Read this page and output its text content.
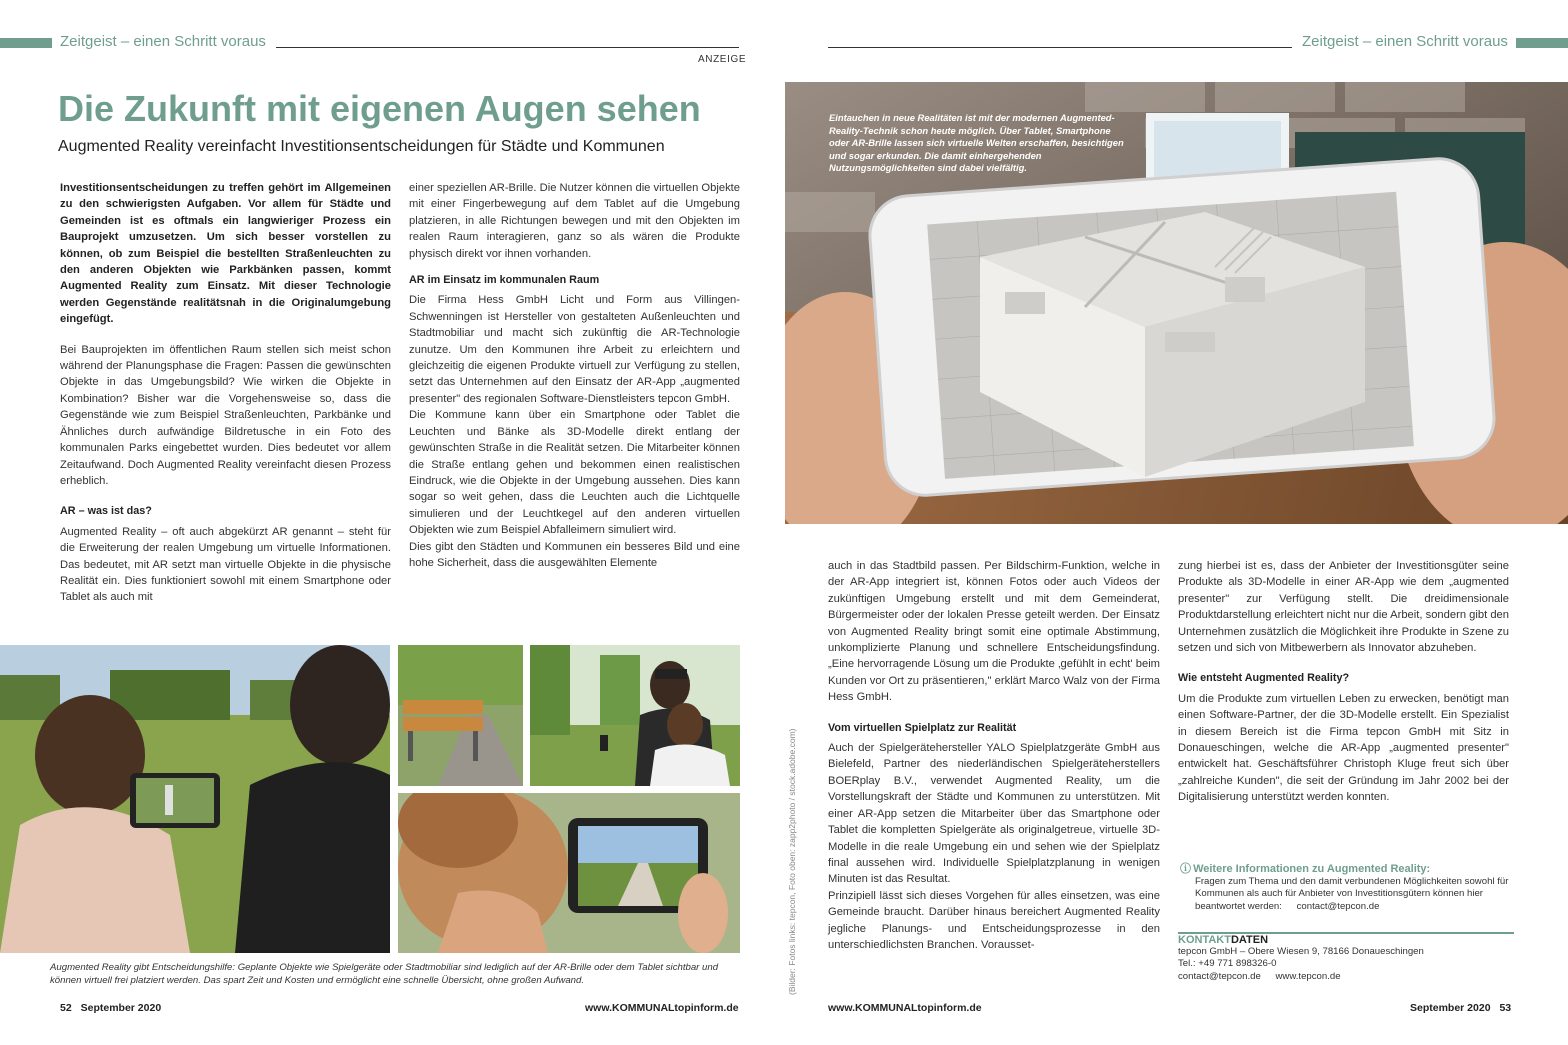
Zeitgeist – einen Schritt voraus
ANZEIGE
Zeitgeist – einen Schritt voraus
Die Zukunft mit eigenen Augen sehen
Augmented Reality vereinfacht Investitionsentscheidungen für Städte und Kommunen

Investitionsentscheidungen zu treffen gehört im Allgemeinen zu den schwierigsten Aufgaben. Vor allem für Städte und Gemeinden ist es oftmals ein langwieriger Prozess ein Bauprojekt umzusetzen. Um sich besser vorstellen zu können, ob zum Beispiel die bestellten Straßenleuchten zu den anderen Objekten wie Parkbänken passen, kommt Augmented Reality zum Einsatz. Mit dieser Technologie werden Gegenstände realitätsnah in die Originalumgebung eingefügt.

Bei Bauprojekten im öffentlichen Raum stellen sich meist schon während der Planungsphase die Fragen: Passen die gewünschten Objekte in das Umgebungsbild? Wie wirken die Objekte in Kombination? Bisher war die Vorgehensweise so, dass die Gegenstände wie zum Beispiel Straßenleuchten, Parkbänke und Ähnliches durch aufwändige Bildretusche in ein Foto des kommunalen Parks eingebettet wurden. Dies bedeutet vor allem Zeitaufwand. Doch Augmented Reality vereinfacht diesen Prozess erheblich.

AR – was ist das?

Augmented Reality – oft auch abgekürzt AR genannt – steht für die Erweiterung der realen Umgebung um virtuelle Informationen. Das bedeutet, mit AR setzt man virtuelle Objekte in die physische Realität ein. Dies funktioniert sowohl mit einem Smartphone oder Tablet als auch mit

einer speziellen AR-Brille. Die Nutzer können die virtuellen Objekte mit einer Fingerbewegung auf dem Tablet auf die Umgebung platzieren, in alle Richtungen bewegen und mit den Objekten im realen Raum interagieren, ganz so als wären die Produkte physisch direkt vor ihnen vorhanden.

AR im Einsatz im kommunalen Raum

Die Firma Hess GmbH Licht und Form aus Villingen-Schwenningen ist Hersteller von gestalteten Außenleuchten und Stadtmobiliar und macht sich zukünftig die AR-Technologie zunutze. Um den Kommunen ihre Arbeit zu erleichtern und gleichzeitig die eigenen Produkte virtuell zur Verfügung zu stellen, setzt das Unternehmen auf den Einsatz der AR-App „augmented presenter" des regionalen Software-Dienstleisters tepcon GmbH.

Die Kommune kann über ein Smartphone oder Tablet die Leuchten und Bänke als 3D-Modelle direkt entlang der gewünschten Straße in die Realität setzen. Die Mitarbeiter können die Straße entlang gehen und bekommen einen realistischen Eindruck, wie die Objekte in der Umgebung aussehen. Dies kann sogar so weit gehen, dass die Leuchten auch die Lichtquelle simulieren und der Leuchtkegel auf den anderen virtuellen Objekten wie zum Beispiel Abfalleimern simuliert wird.

Dies gibt den Städten und Kommunen ein besseres Bild und eine hohe Sicherheit, dass die ausgewählten Elemente

Eintauchen in neue Realitäten ist mit der modernen Augmented-Reality-Technik schon heute möglich. Über Tablet, Smartphone oder AR-Brille lassen sich virtuelle Welten erschaffen, besichtigen und sogar erkunden. Die damit einhergehenden Nutzungsmöglichkeiten sind dabei vielfältig.
Augmented Reality gibt Entscheidungshilfe: Geplante Objekte wie Spielgeräte oder Stadtmobiliar sind lediglich auf der AR-Brille oder dem Tablet sichtbar und können virtuell frei platziert werden. Das spart Zeit und Kosten und ermöglicht eine schnelle Übersicht, ohne großen Aufwand.	(Bilder: Fotos links: tepcon, Foto oben: zapp2photo / stock.adobe.com)

auch in das Stadtbild passen. Per Bildschirm-Funktion, welche in der AR-App integriert ist, können Fotos oder auch Videos der zukünftigen Umgebung erstellt und mit dem Gemeinderat, Bürgermeister oder der lokalen Presse geteilt werden. Der Einsatz von Augmented Reality bringt somit eine optimale Abstimmung, unkomplizierte Planung und schnellere Entscheidungsfindung. „Eine hervorragende Lösung um die Produkte ‚gefühlt in echt' beim Kunden vor Ort zu präsentieren," erklärt Marco Walz von der Firma Hess GmbH.

Vom virtuellen Spielplatz zur Realität

Auch der Spielgerätehersteller YALO Spielplatzgeräte GmbH aus Bielefeld, Partner des niederländischen Spielgeräteherstellers BOERplay B.V., verwendet Augmented Reality, um die Vorstellungskraft der Städte und Kommunen zu unterstützen. Mit einer AR-App setzen die Mitarbeiter über das Smartphone oder Tablet die kompletten Spielgeräte als originalgetreue, virtuelle 3D-Modelle in die reale Umgebung ein und sehen wie der Spielplatz final aussehen wird. Individuelle Spielplatzplanung in wenigen Minuten ist das Resultat.

Prinzipiell lässt sich dieses Vorgehen für alles einsetzen, was eine Gemeinde braucht. Darüber hinaus bereichert Augmented Reality jegliche Planungs- und Entscheidungsprozesse in den unterschiedlichsten Branchen. Vorausset-

zung hierbei ist es, dass der Anbieter der Investitionsgüter seine Produkte als 3D-Modelle in einer AR-App wie dem „augmented presenter" zur Verfügung stellt. Die dreidimensionale Produktdarstellung erleichtert nicht nur die Arbeit, sondern gibt den Unternehmen zusätzlich die Möglichkeit ihre Produkte in Szene zu setzen und sich von Mitbewerbern als Innovator abzuheben.

Wie entsteht Augmented Reality?

Um die Produkte zum virtuellen Leben zu erwecken, benötigt man einen Software-Partner, der die 3D-Modelle erstellt. Ein Spezialist in diesem Bereich ist die Firma tepcon GmbH mit Sitz in Donaueschingen, welche die AR-App „augmented presenter" entwickelt hat. Geschäftsführer Christoph Kluge freut sich über „zahlreiche Kunden", die seit der Gründung im Jahr 2002 bei der Digitalisierung unterstützt werden konnten.

ⓘ Weitere Informationen zu Augmented Reality:
Fragen zum Thema und den damit verbundenen Möglichkeiten sowohl für Kommunen als auch für Anbieter von Investitionsgütern können hier beantwortet werden: contact@tepcon.de
KONTAKTDATEN
tepcon GmbH – Obere Wiesen 9, 78166 Donaueschingen
Tel.: +49 771 898326-0
contact@tepcon.de www.tepcon.de
52 September 2020	www.KOMMUNALtopinform.de	www.KOMMUNALtopinform.de	September 2020 53
